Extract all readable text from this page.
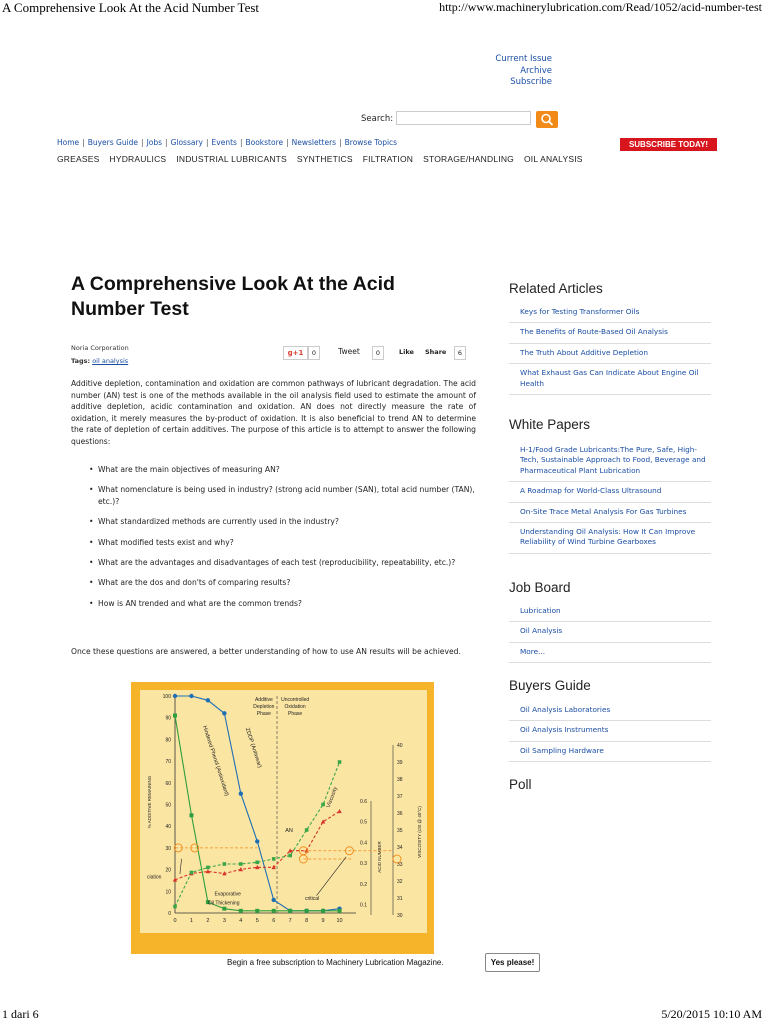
A Comprehensive Look At the Acid Number Test	http://www.machinerylubrication.com/Read/1052/acid-number-test
1 dari 6	5/20/2015 10:10 AM
Current Issue
Archive
Subscribe
Search:
Home | Buyers Guide | Jobs | Glossary | Events | Bookstore | Newsletters | Browse Topics	SUBSCRIBE TODAY!
GREASES HYDRAULICS INDUSTRIAL LUBRICANTS SYNTHETICS FILTRATION STORAGE/HANDLING OIL ANALYSIS
A Comprehensive Look At the Acid Number Test
Noria Corporation
Tags: oil analysis
g+1	0	Tweet	0	Like Share	6
Additive depletion, contamination and oxidation are common pathways of lubricant degradation. The acid number (AN) test is one of the methods available in the oil analysis field used to estimate the amount of additive depletion, acidic contamination and oxidation. AN does not directly measure the rate of oxidation, it merely measures the by-product of oxidation. It is also beneficial to trend AN to determine the rate of depletion of certain additives. The purpose of this article is to attempt to answer the following questions:
• What are the main objectives of measuring AN?
• What nomenclature is being used in industry? (strong acid number (SAN), total acid number (TAN), etc.)?
• What standardized methods are currently used in the industry?
• What modified tests exist and why?
• What are the advantages and disadvantages of each test (reproducibility, repeatability, etc.)?
• What are the dos and don'ts of comparing results?
• How is AN trended and what are the common trends?
Once these questions are answered, a better understanding of how to use AN results will be achieved.
0
10
20
30
40
50
60
70
80
90
100
0 1 2 3 4 5 6 7 8 9 10
0.1
0.2
0.3
0.4
0.5
0.6
30
31
32
33
34
35
36
37
38
39
40
% ADDITIVE REMAINING
ACID NUMBER	VISCOSITY (cSt @ 40°C)
Additive
Depletion
Phase
Uncontrolled
Oxidation
Phase
ZDDP (Antiwear)
Hindered Phenol (Antioxidant)
Viscosity
AN
Evaporative
Oil Thickening
critical
ciation
Begin a free subscription to Machinery Lubrication Magazine.	Yes please!
Related Articles
Keys for Testing Transformer Oils
The Benefits of Route-Based Oil Analysis
The Truth About Additive Depletion
What Exhaust Gas Can Indicate About Engine Oil Health
White Papers
H-1/Food Grade Lubricants:The Pure, Safe, High-Tech, Sustainable Approach to Food, Beverage and Pharmaceutical Plant Lubrication
A Roadmap for World-Class Ultrasound
On-Site Trace Metal Analysis For Gas Turbines
Understanding Oil Analysis: How It Can Improve Reliability of Wind Turbine Gearboxes
Job Board
Lubrication
Oil Analysis
More...
Buyers Guide
Oil Analysis Laboratories
Oil Analysis Instruments
Oil Sampling Hardware
Poll
